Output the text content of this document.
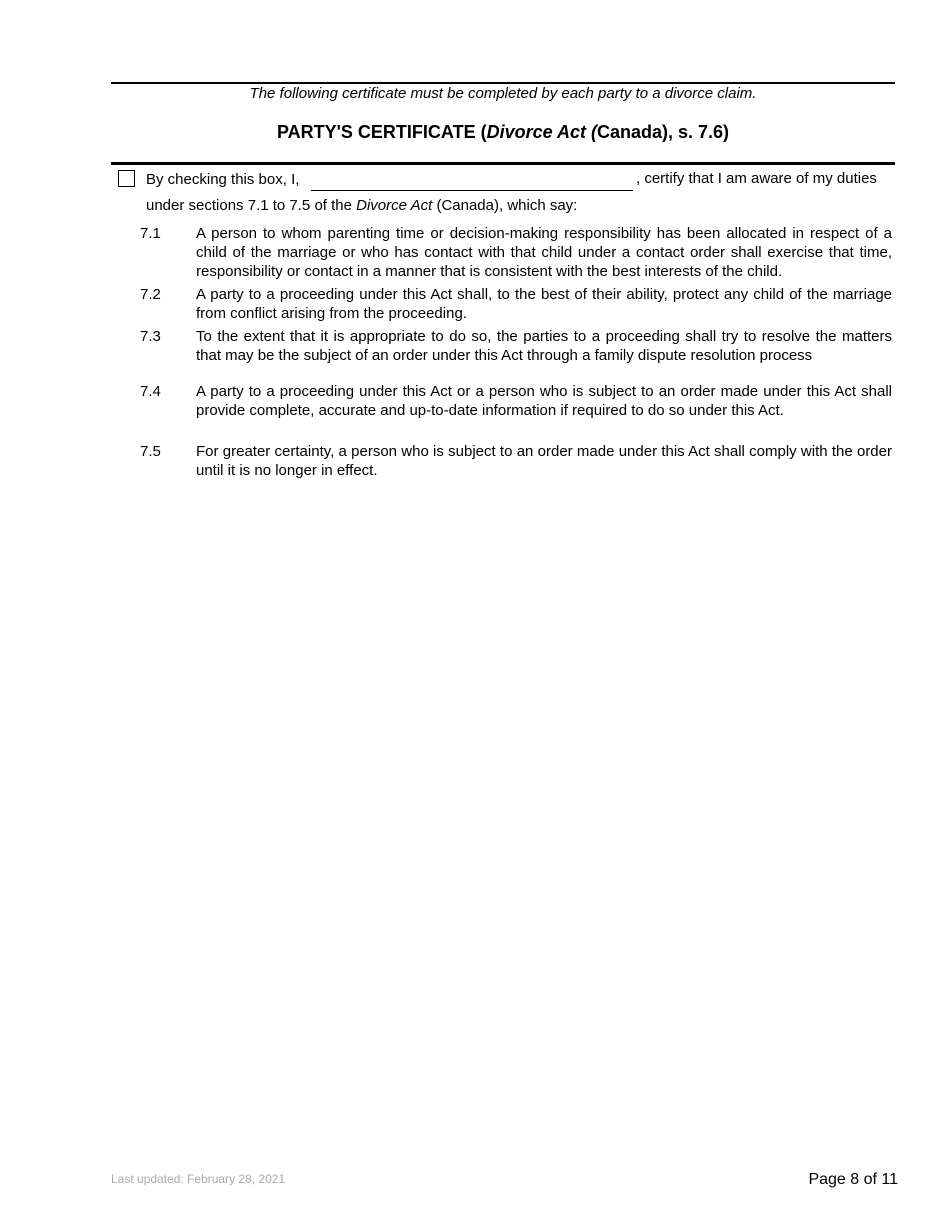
The following certificate must be completed by each party to a divorce claim.
PARTY'S CERTIFICATE (Divorce Act (Canada), s. 7.6)
By checking this box, I,	, certify that I am aware of my duties
under sections 7.1 to 7.5 of the Divorce Act (Canada), which say:
7.1 A person to whom parenting time or decision-making responsibility has been allocated in respect of a child of the marriage or who has contact with that child under a contact order shall exercise that time, responsibility or contact in a manner that is consistent with the best interests of the child.
7.2 A party to a proceeding under this Act shall, to the best of their ability, protect any child of the marriage from conflict arising from the proceeding.
7.3 To the extent that it is appropriate to do so, the parties to a proceeding shall try to resolve the matters that may be the subject of an order under this Act through a family dispute resolution process
7.4 A party to a proceeding under this Act or a person who is subject to an order made under this Act shall provide complete, accurate and up-to-date information if required to do so under this Act.
7.5 For greater certainty, a person who is subject to an order made under this Act shall comply with the order until it is no longer in effect.
Last updated: February 28, 2021	Page 8 of 11
